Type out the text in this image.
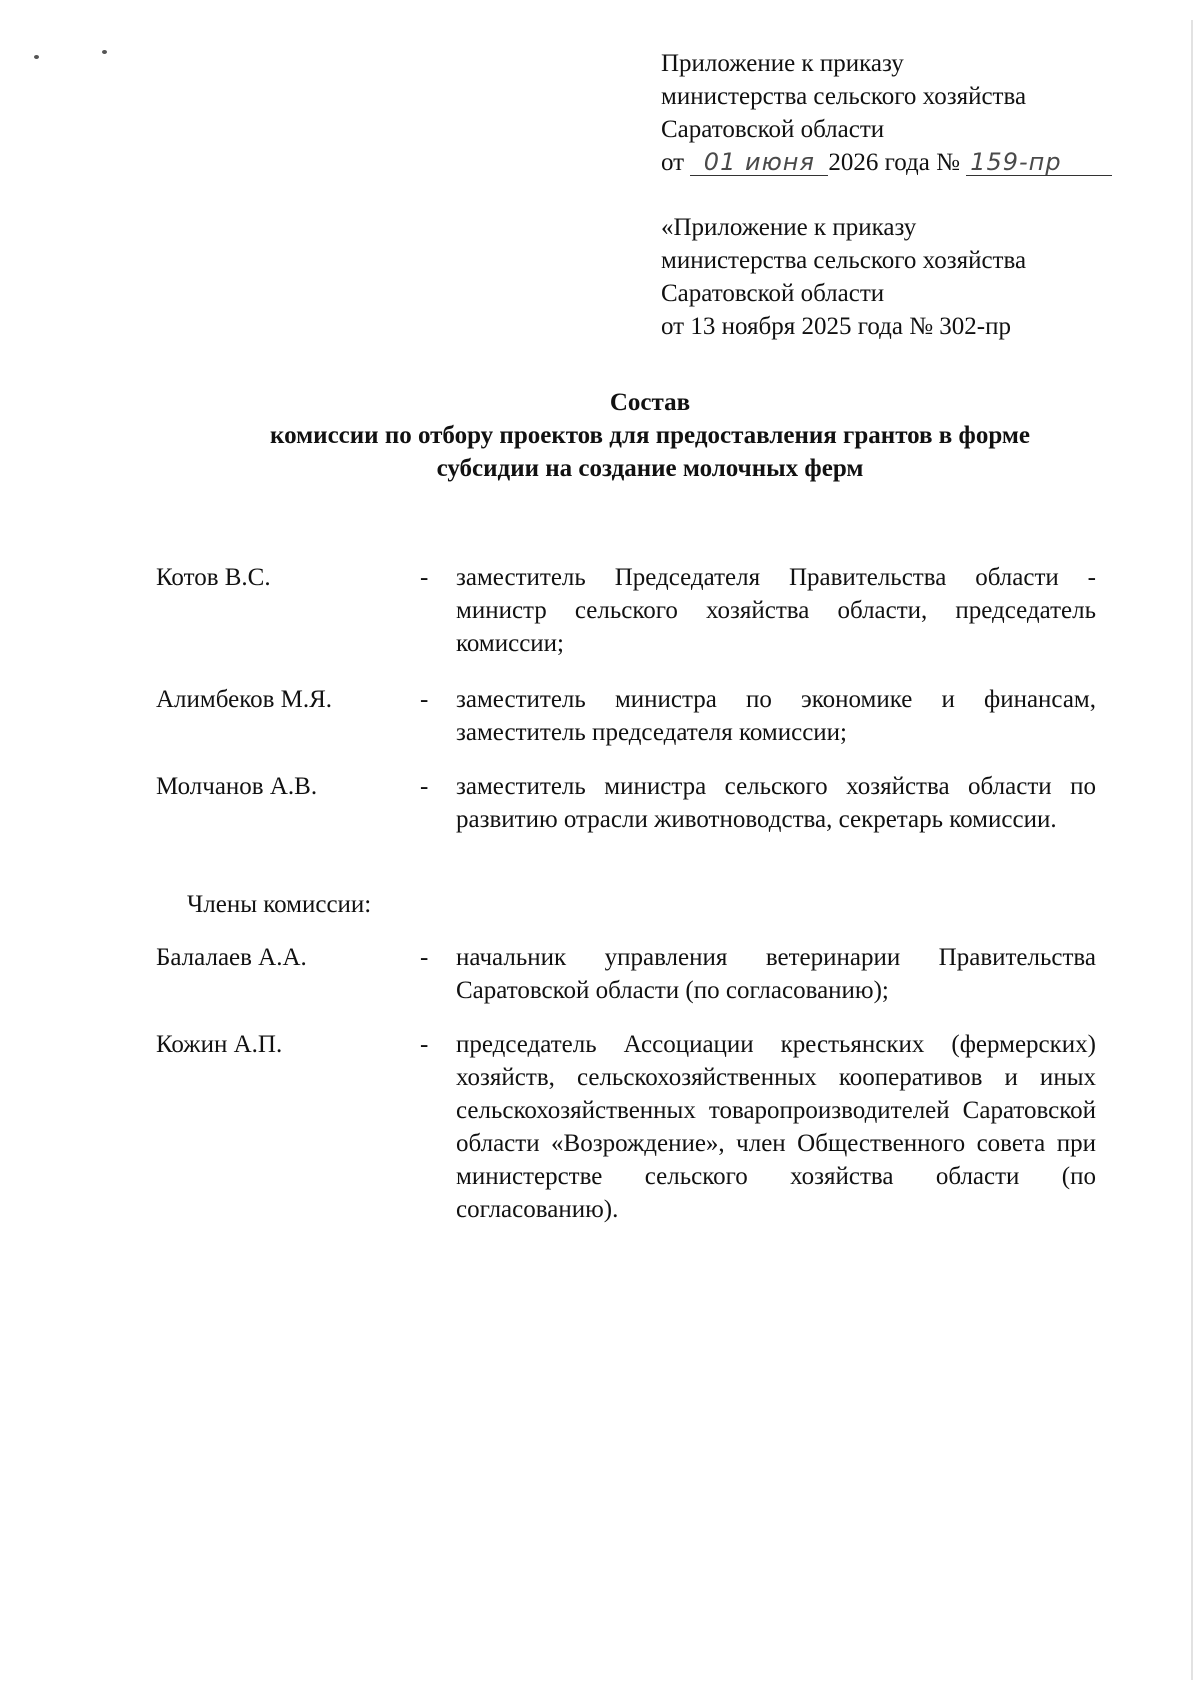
Приложение к приказу
министерства сельского хозяйства
Саратовской области
от 01 июня 2026 года № 159-пр
«Приложение к приказу
министерства сельского хозяйства
Саратовской области
от 13 ноября 2025 года № 302-пр
Состав
комиссии по отбору проектов для предоставления грантов в форме
субсидии на создание молочных ферм
Котов В.С.	- заместитель Председателя Правительства области - министр сельского хозяйства области, председатель комиссии;
Алимбеков М.Я.	- заместитель министра по экономике и финансам, заместитель председателя комиссии;
Молчанов А.В.	- заместитель министра сельского хозяйства области по развитию отрасли животноводства, секретарь комиссии.
Члены комиссии:
Балалаев А.А.	- начальник управления ветеринарии Правительства Саратовской области (по согласованию);
Кожин А.П.	- председатель Ассоциации крестьянских (фермерских) хозяйств, сельскохозяйственных кооперативов и иных сельскохозяйственных товаропроизводителей Саратовской области «Возрождение», член Общественного совета при министерстве сельского хозяйства области (по согласованию).
